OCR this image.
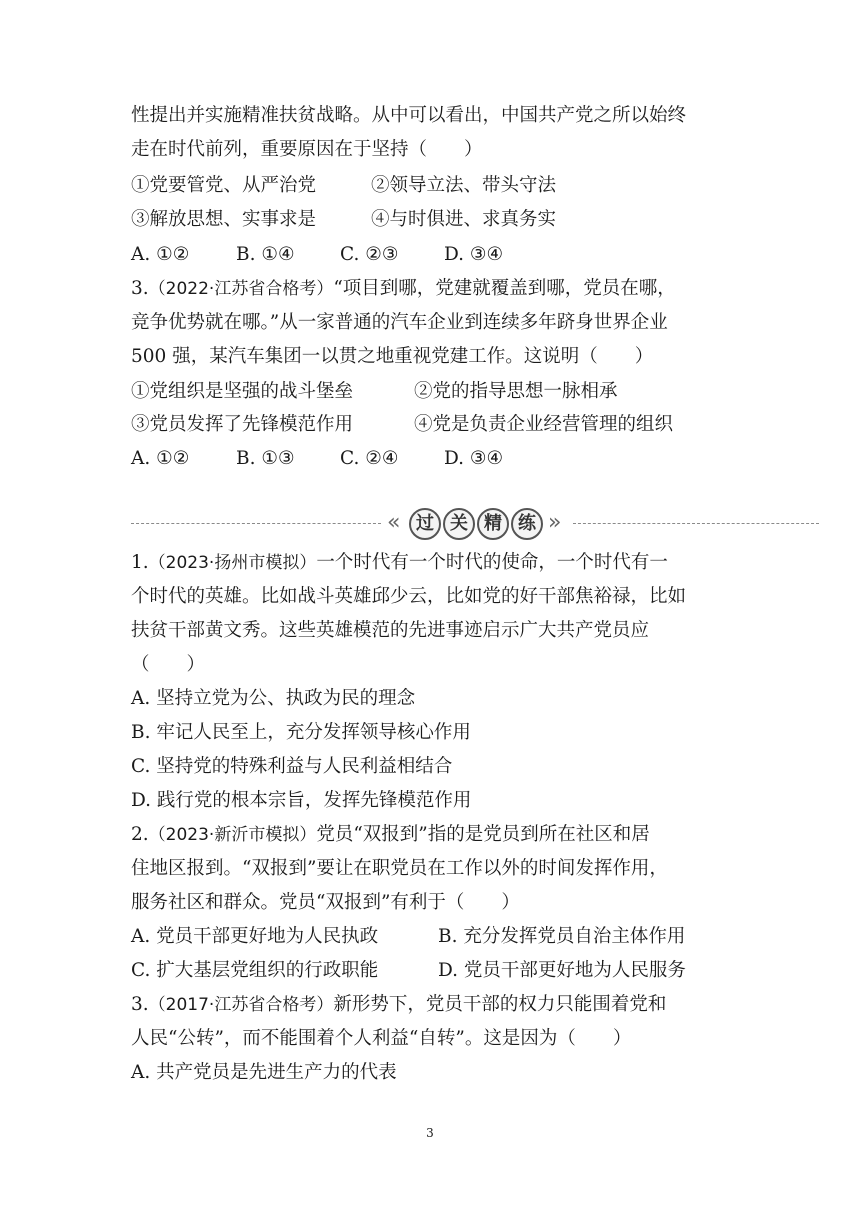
性提出并实施精准扶贫战略。从中可以看出，中国共产党之所以始终
走在时代前列，重要原因在于坚持（　　）
①党要管党、从严治党	②领导立法、带头守法
③解放思想、实事求是	④与时俱进、求真务实
A. ①②	B. ①④ C. ②③ D. ③④
3.（2022·江苏省合格考）“项目到哪，党建就覆盖到哪，党员在哪，
竞争优势就在哪。”从一家普通的汽车企业到连续多年跻身世界企业
500 强，某汽车集团一以贯之地重视党建工作。这说明（　　）
①党组织是坚强的战斗堡垒	②党的指导思想一脉相承
③党员发挥了先锋模范作用	④党是负责企业经营管理的组织
A. ①②	B. ①③ C. ②④ D. ③④
«	过 关 精 练 »
1.（2023·扬州市模拟）一个时代有一个时代的使命，一个时代有一
个时代的英雄。比如战斗英雄邱少云，比如党的好干部焦裕禄，比如
扶贫干部黄文秀。这些英雄模范的先进事迹启示广大共产党员应
（　　）
A. 坚持立党为公、执政为民的理念
B. 牢记人民至上，充分发挥领导核心作用
C. 坚持党的特殊利益与人民利益相结合
D. 践行党的根本宗旨，发挥先锋模范作用
2.（2023·新沂市模拟）党员“双报到”指的是党员到所在社区和居
住地区报到。“双报到”要让在职党员在工作以外的时间发挥作用，
服务社区和群众。党员“双报到”有利于（　　）
A. 党员干部更好地为人民执政	B. 充分发挥党员自治主体作用
C. 扩大基层党组织的行政职能	D. 党员干部更好地为人民服务
3.（2017·江苏省合格考）新形势下，党员干部的权力只能围着党和
人民“公转”，而不能围着个人利益“自转”。这是因为（　　）
A. 共产党员是先进生产力的代表
3
